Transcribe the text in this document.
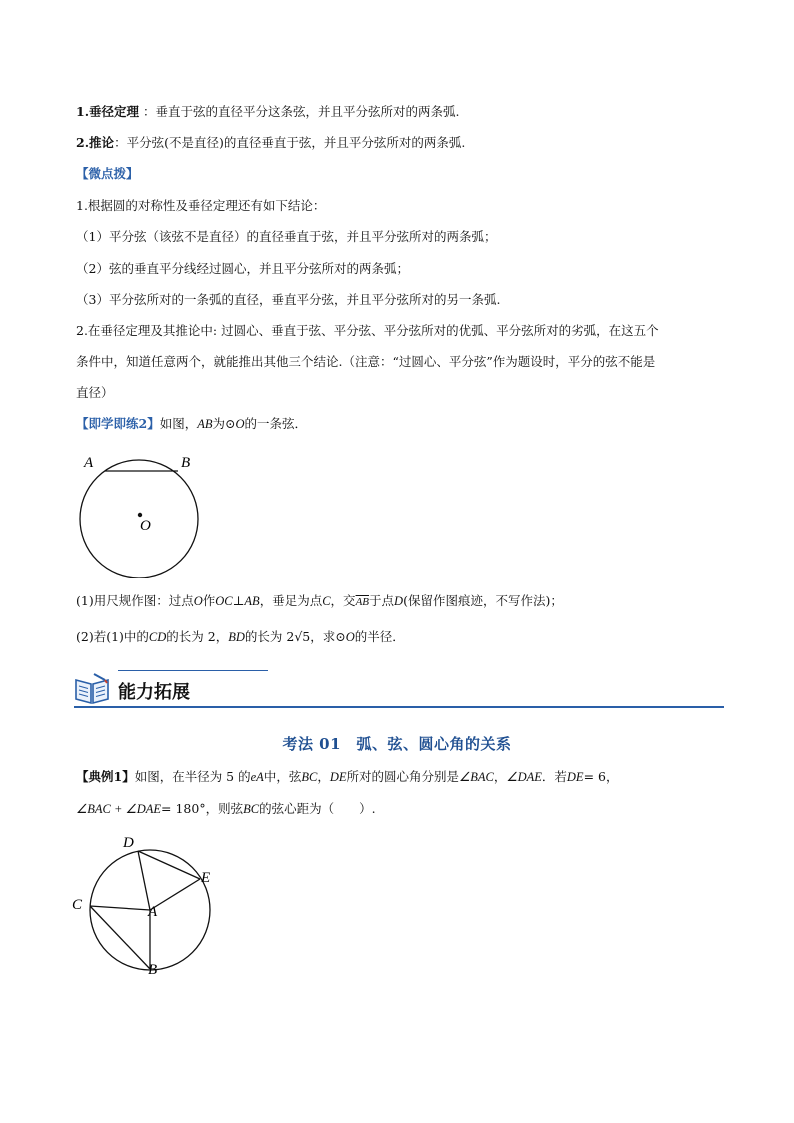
1.垂径定理 ：垂直于弦的直径平分这条弦，并且平分弦所对的两条弧.
2.推论：平分弦(不是直径)的直径垂直于弦，并且平分弦所对的两条弧.
【微点拨】
1.根据圆的对称性及垂径定理还有如下结论：
（1）平分弦（该弦不是直径）的直径垂直于弦，并且平分弦所对的两条弧；
（2）弦的垂直平分线经过圆心，并且平分弦所对的两条弧；
（3）平分弦所对的一条弧的直径，垂直平分弦，并且平分弦所对的另一条弧.
2.在垂径定理及其推论中: 过圆心、垂直于弦、平分弦、平分弦所对的优弧、平分弦所对的劣弧，在这五个
条件中，知道任意两个，就能推出其他三个结论.（注意：“过圆心、平分弦”作为题设时，平分的弦不能是
直径）
【即学即练2】如图，AB为⊙O的一条弦．
A	B
O
(1)用尺规作图：过点O作OC⊥AB，垂足为点C，交$\overline{AB}$于点D(保留作图痕迹，不写作法)；
(2)若(1)中的CD的长为 2，BD的长为 2√5，求⊙O的半径．
能力拓展
考法 01　弧、弦、圆心角的关系
【典例1】如图，在半径为 5 的eA中，弦BC，DE所对的圆心角分别是∠BAC，∠DAE．若DE= 6，
∠BAC + ∠DAE= 180°，则弦BC的弦心距为（　　）.
D
E
C	A
B
